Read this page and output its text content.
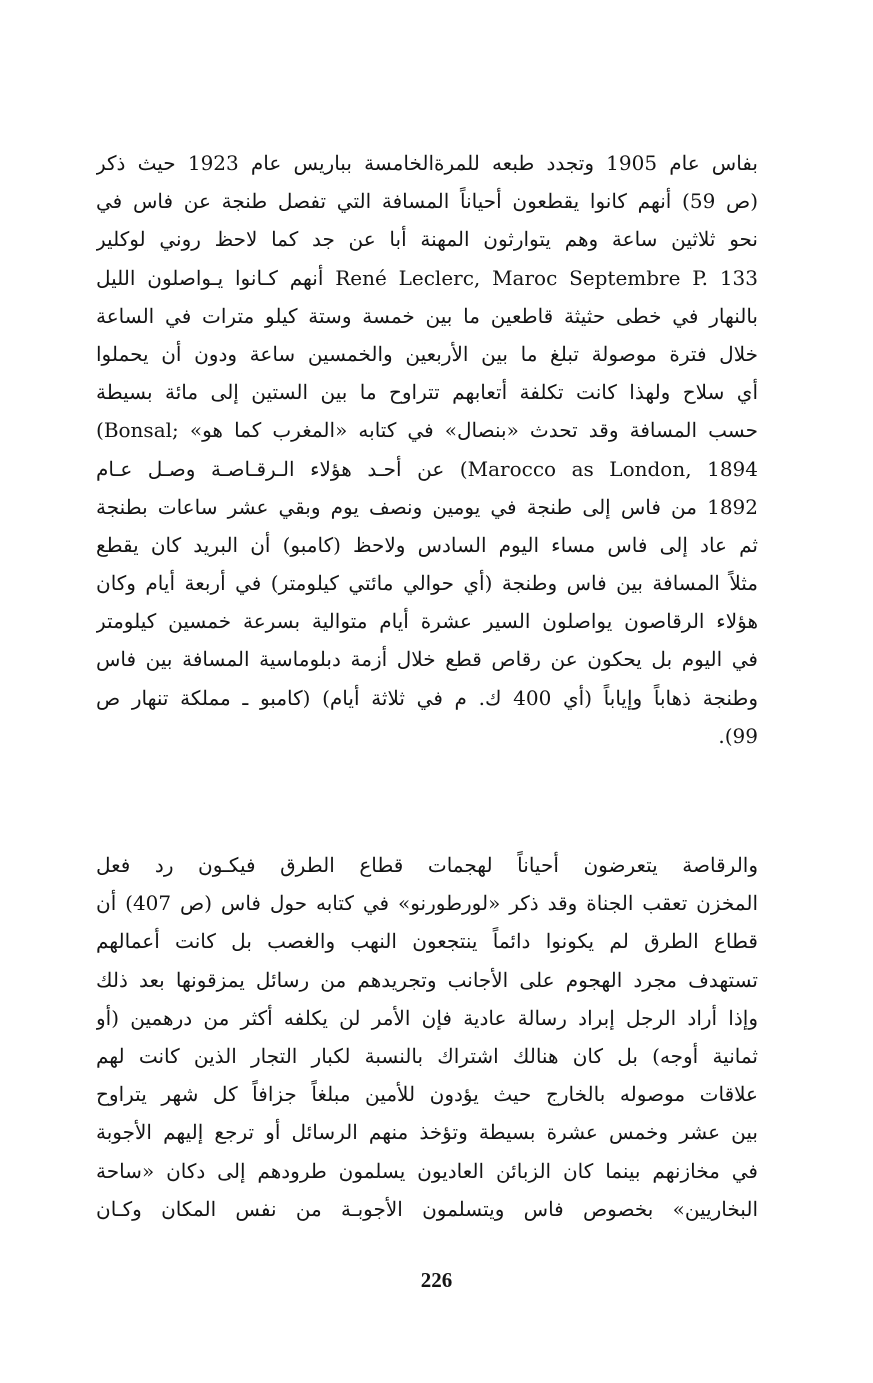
بفاس عام 1905 وتجدد طبعه للمرةالخامسة بباريس عام 1923 حيث ذكر
(ص 59) أنهم كانوا يقطعون أحياناً المسافة التي تفصل طنجة عن فاس في
نحو ثلاثين ساعة وهم يتوارثون المهنة أبا عن جد كما لاحظ روني لوكلير
René Leclerc, Maroc Septembre P. 133 أنهم كـانوا يـواصلون الليل
بالنهار في خطى حثيثة قاطعين ما بين خمسة وستة كيلو مترات في الساعة
خلال فترة موصولة تبلغ ما بين الأربعين والخمسين ساعة ودون أن يحملوا
أي سلاح ولهذا كانت تكلفة أتعابهم تتراوح ما بين الستين إلى مائة بسيطة
حسب المسافة وقد تحدث «بنصال» في كتابه «المغرب كما هو» ;Bonsal)
Marocco as London, 1894) عن أحـد هؤلاء الـرقـاصـة وصـل عـام
1892 من فاس إلى طنجة في يومين ونصف يوم وبقي عشر ساعات بطنجة
ثم عاد إلى فاس مساء اليوم السادس ولاحظ (كامبو) أن البريد كان يقطع
مثلاً المسافة بين فاس وطنجة (أي حوالي مائتي كيلومتر) في أربعة أيام وكان
هؤلاء الرقاصون يواصلون السير عشرة أيام متوالية بسرعة خمسين كيلومتر
في اليوم بل يحكون عن رقاص قطع خلال أزمة دبلوماسية المسافة بين فاس
وطنجة ذهاباً وإياباً (أي 400 ك. م في ثلاثة أيام) (كامبو ـ مملكة تنهار ص
99).
والرقاصة يتعرضون أحياناً لهجمات قطاع الطرق فيكـون رد فعل
المخزن تعقب الجناة وقد ذكر «لورطورنو» في كتابه حول فاس (ص 407) أن
قطاع الطرق لم يكونوا دائماً ينتجعون النهب والغصب بل كانت أعمالهم
تستهدف مجرد الهجوم على الأجانب وتجريدهم من رسائل يمزقونها بعد ذلك
وإذا أراد الرجل إبراد رسالة عادية فإن الأمر لن يكلفه أكثر من درهمين (أو
ثمانية أوجه) بل كان هنالك اشتراك بالنسبة لكبار التجار الذين كانت لهم
علاقات موصوله بالخارج حيث يؤدون للأمين مبلغاً جزافاً كل شهر يتراوح
بين عشر وخمس عشرة بسيطة وتؤخذ منهم الرسائل أو ترجع إليهم الأجوبة
في مخازنهم بينما كان الزبائن العاديون يسلمون طرودهم إلى دكان «ساحة
البخاريين» بخصوص فاس ويتسلمون الأجوبـة من نفس المكان وكـان
226
